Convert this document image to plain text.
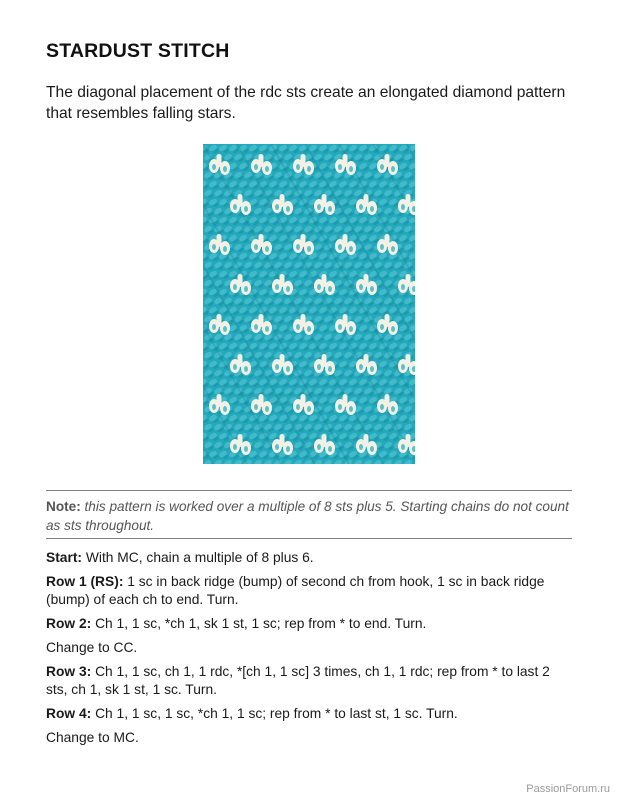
STARDUST STITCH
The diagonal placement of the rdc sts create an elongated diamond pattern that resembles falling stars.
Note: this pattern is worked over a multiple of 8 sts plus 5. Starting chains do not count as sts throughout.

Start: With MC, chain a multiple of 8 plus 6.

Row 1 (RS): 1 sc in back ridge (bump) of second ch from hook, 1 sc in back ridge (bump) of each ch to end. Turn.

Row 2: Ch 1, 1 sc, *ch 1, sk 1 st, 1 sc; rep from * to end. Turn.

Change to CC.

Row 3: Ch 1, 1 sc, ch 1, 1 rdc, *[ch 1, 1 sc] 3 times, ch 1, 1 rdc; rep from * to last 2 sts, ch 1, sk 1 st, 1 sc. Turn.

Row 4: Ch 1, 1 sc, 1 sc, *ch 1, 1 sc; rep from * to last st, 1 sc. Turn.

Change to MC.

PassionForum.ru
